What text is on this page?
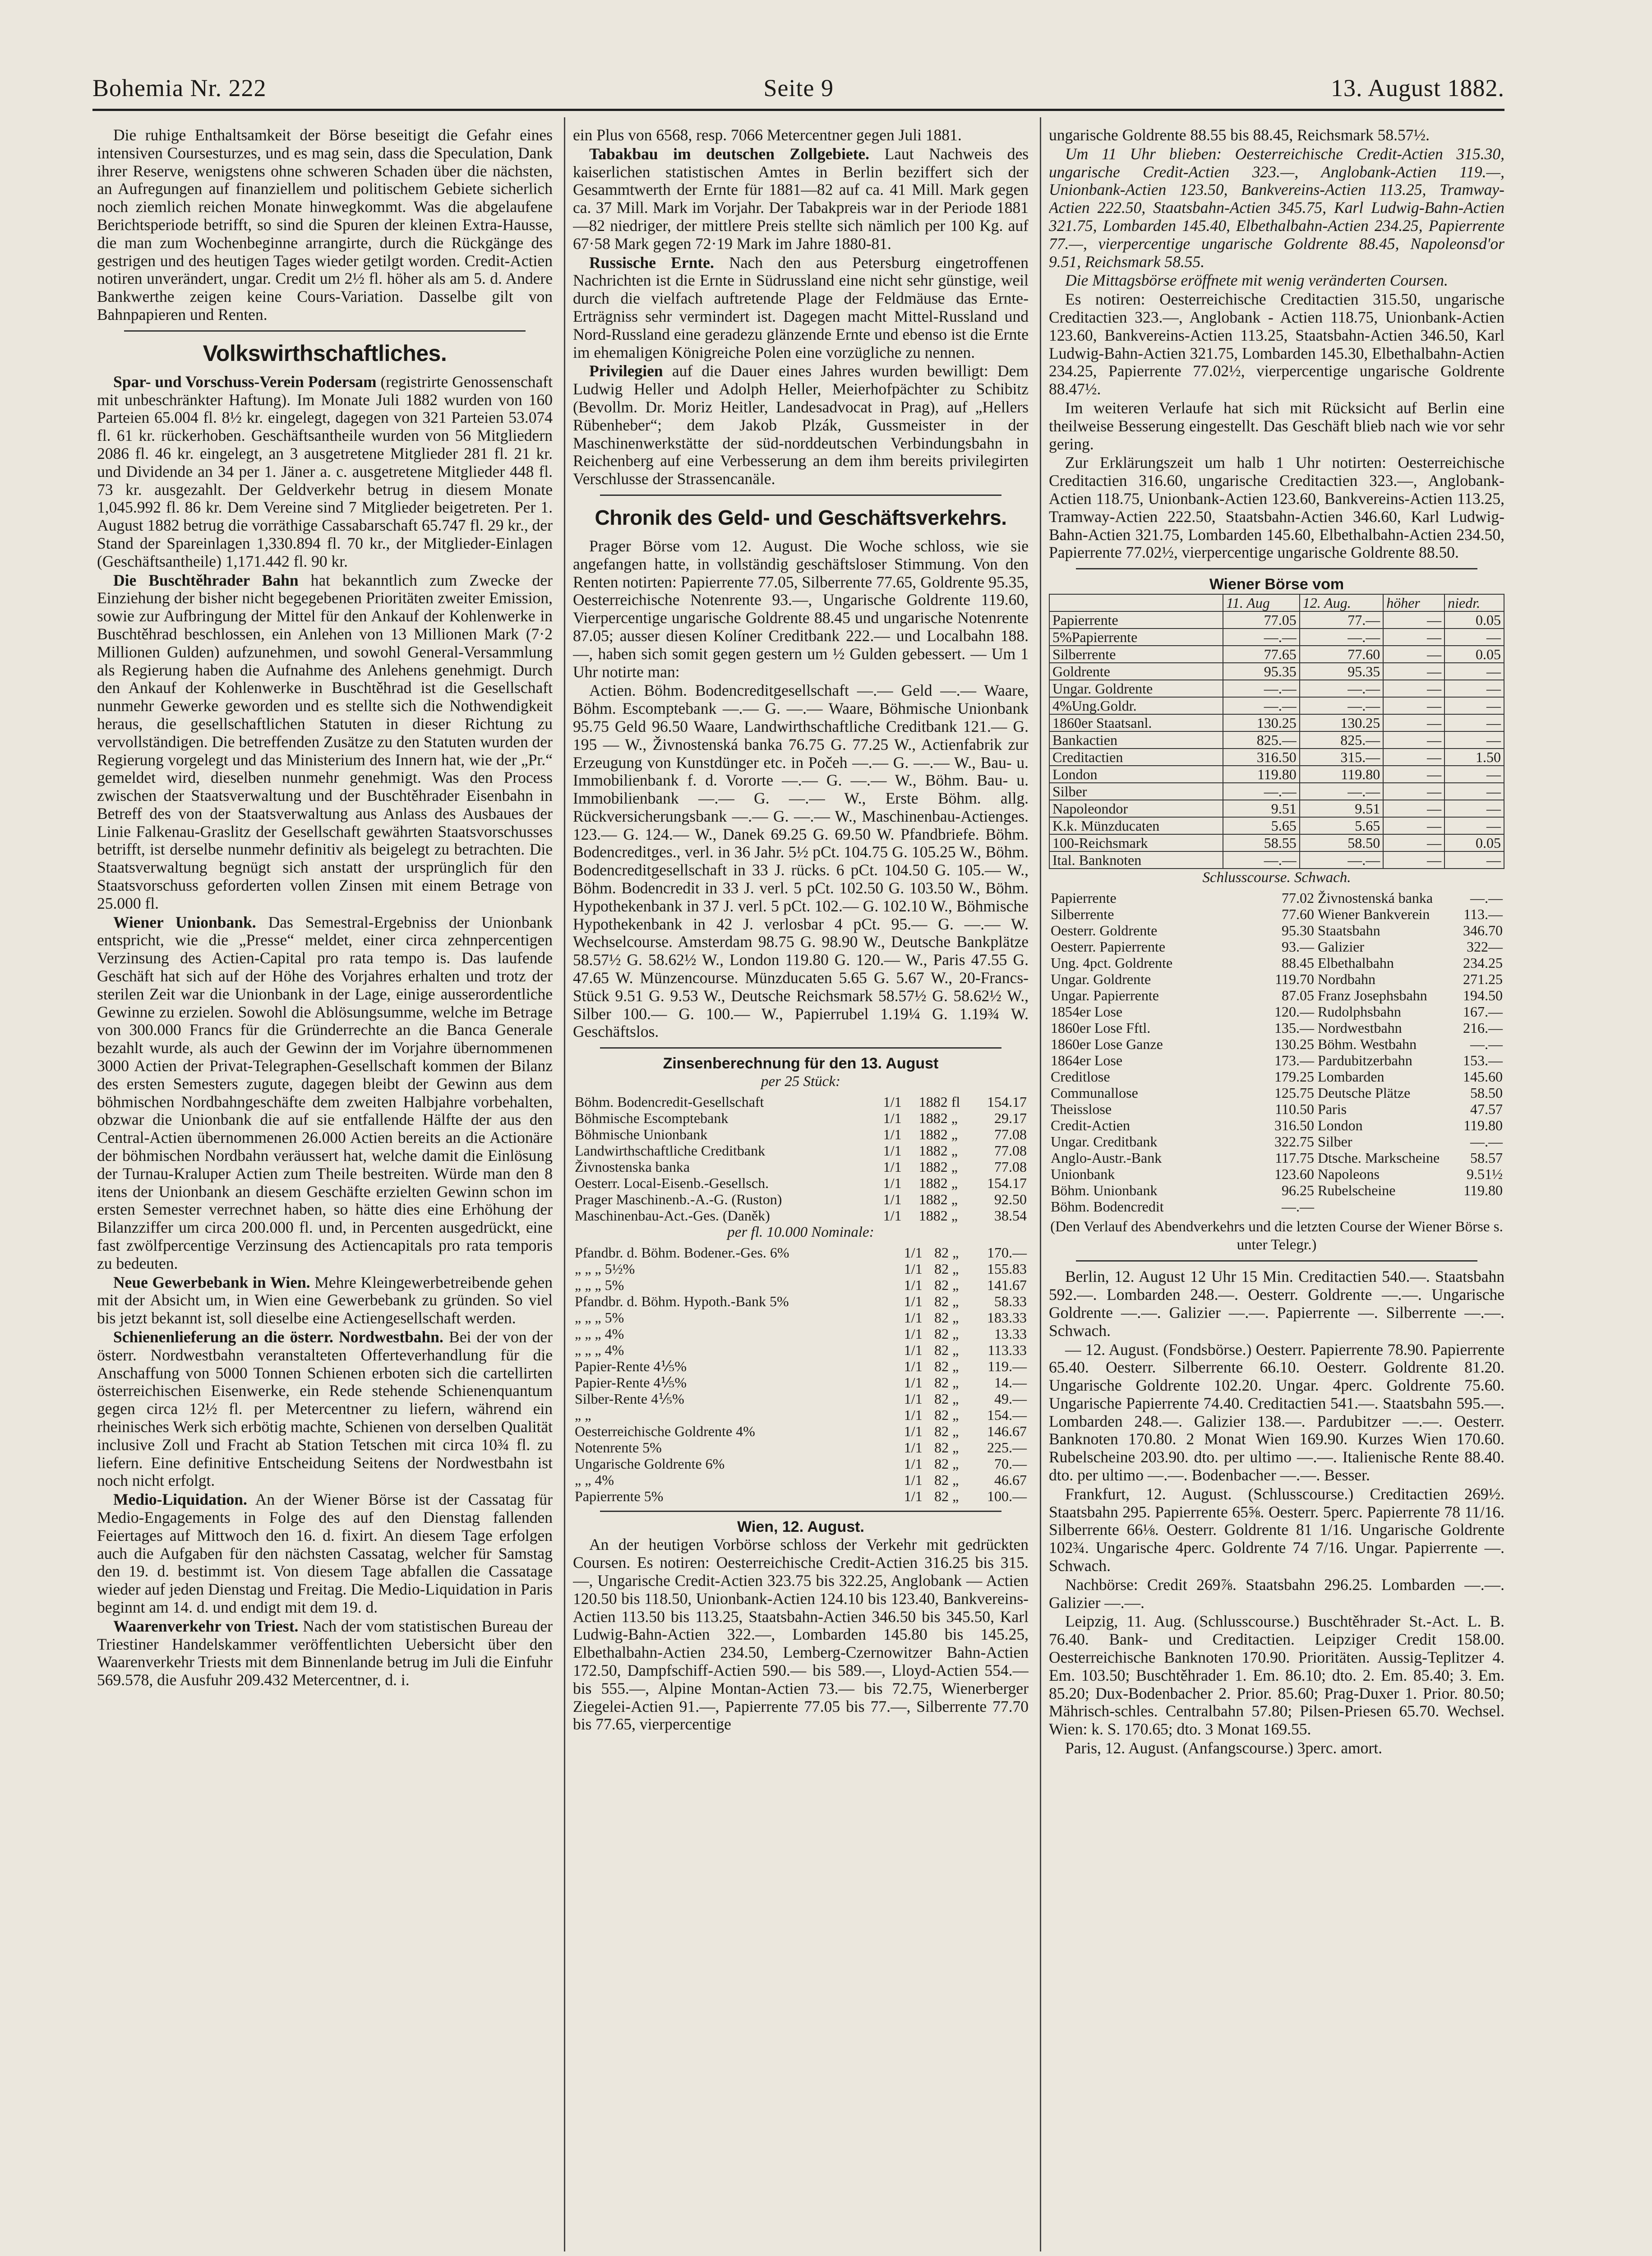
Bohemia Nr. 222	Seite 9	13. August 1882.

Die ruhige Enthaltsamkeit der Börse beseitigt die Gefahr eines intensiven Coursesturzes, und es mag sein, dass die Speculation, Dank ihrer Reserve, wenigstens ohne schweren Schaden über die nächsten, an Aufregungen auf finanziellem und politischem Gebiete sicherlich noch ziemlich reichen Monate hinwegkommt. Was die abgelaufene Berichtsperiode betrifft, so sind die Spuren der kleinen Extra-Hausse, die man zum Wochenbeginne arrangirte, durch die Rückgänge des gestrigen und des heutigen Tages wieder getilgt worden. Credit-Actien notiren unverändert, ungar. Credit um 2½ fl. höher als am 5. d. Andere Bankwerthe zeigen keine Cours-Variation. Dasselbe gilt von Bahnpapieren und Renten.

Volkswirthschaftliches.

Spar- und Vorschuss-Verein Podersam (registrirte Genossenschaft mit unbeschränkter Haftung). Im Monate Juli 1882 wurden von 160 Parteien 65.004 fl. 8½ kr. eingelegt, dagegen von 321 Parteien 53.074 fl. 61 kr. rückerhoben. Geschäftsantheile wurden von 56 Mitgliedern 2086 fl. 46 kr. eingelegt, an 3 ausgetretene Mitglieder 281 fl. 21 kr. und Dividende an 34 per 1. Jäner a. c. ausgetretene Mitglieder 448 fl. 73 kr. ausgezahlt. Der Geldverkehr betrug in diesem Monate 1,045.992 fl. 86 kr. Dem Vereine sind 7 Mitglieder beigetreten. Per 1. August 1882 betrug die vorräthige Cassabarschaft 65.747 fl. 29 kr., der Stand der Spareinlagen 1,330.894 fl. 70 kr., der Mitglieder-Einlagen (Geschäftsantheile) 1,171.442 fl. 90 kr.

Die Buschtěhrader Bahn hat bekanntlich zum Zwecke der Einziehung der bisher nicht begegebenen Prioritäten zweiter Emission, sowie zur Aufbringung der Mittel für den Ankauf der Kohlenwerke in Buschtěhrad beschlossen, ein Anlehen von 13 Millionen Mark (7·2 Millionen Gulden) aufzunehmen, und sowohl General-Versammlung als Regierung haben die Aufnahme des Anlehens genehmigt. Durch den Ankauf der Kohlenwerke in Buschtěhrad ist die Gesellschaft nunmehr Gewerke geworden und es stellte sich die Nothwendigkeit heraus, die gesellschaftlichen Statuten in dieser Richtung zu vervollständigen. Die betreffenden Zusätze zu den Statuten wurden der Regierung vorgelegt und das Ministerium des Innern hat, wie der „Pr.“ gemeldet wird, dieselben nunmehr genehmigt. Was den Process zwischen der Staatsverwaltung und der Buschtěhrader Eisenbahn in Betreff des von der Staatsverwaltung aus Anlass des Ausbaues der Linie Falkenau-Graslitz der Gesellschaft gewährten Staatsvorschusses betrifft, ist derselbe nunmehr definitiv als beigelegt zu betrachten. Die Staatsverwaltung begnügt sich anstatt der ursprünglich für den Staatsvorschuss geforderten vollen Zinsen mit einem Betrage von 25.000 fl.

Wiener Unionbank. Das Semestral-Ergebniss der Unionbank entspricht, wie die „Presse“ meldet, einer circa zehnpercentigen Verzinsung des Actien-Capital pro rata tempo is. Das laufende Geschäft hat sich auf der Höhe des Vorjahres erhalten und trotz der sterilen Zeit war die Unionbank in der Lage, einige ausserordentliche Gewinne zu erzielen. Sowohl die Ablösungsumme, welche im Betrage von 300.000 Francs für die Gründerrechte an die Banca Generale bezahlt wurde, als auch der Gewinn der im Vorjahre übernommenen 3000 Actien der Privat-Telegraphen-Gesellschaft kommen der Bilanz des ersten Semesters zugute, dagegen bleibt der Gewinn aus dem böhmischen Nordbahngeschäfte dem zweiten Halbjahre vorbehalten, obzwar die Unionbank die auf sie entfallende Hälfte der aus den Central-Actien übernommenen 26.000 Actien bereits an die Actionäre der böhmischen Nordbahn veräussert hat, welche damit die Einlösung der Turnau-Kraluper Actien zum Theile bestreiten. Würde man den 8 itens der Unionbank an diesem Geschäfte erzielten Gewinn schon im ersten Semester verrechnet haben, so hätte dies eine Erhöhung der Bilanzziffer um circa 200.000 fl. und, in Percenten ausgedrückt, eine fast zwölfpercentige Verzinsung des Actiencapitals pro rata temporis zu bedeuten.

Neue Gewerbebank in Wien. Mehre Kleingewerbetreibende gehen mit der Absicht um, in Wien eine Gewerbebank zu gründen. So viel bis jetzt bekannt ist, soll dieselbe eine Actiengesellschaft werden.

Schienenlieferung an die österr. Nordwestbahn. Bei der von der österr. Nordwestbahn veranstalteten Offerteverhandlung für die Anschaffung von 5000 Tonnen Schienen erboten sich die cartellirten österreichischen Eisenwerke, ein Rede stehende Schienenquantum gegen circa 12½ fl. per Metercentner zu liefern, während ein rheinisches Werk sich erbötig machte, Schienen von derselben Qualität inclusive Zoll und Fracht ab Station Tetschen mit circa 10¾ fl. zu liefern. Eine definitive Entscheidung Seitens der Nordwestbahn ist noch nicht erfolgt.

Medio-Liquidation. An der Wiener Börse ist der Cassatag für Medio-Engagements in Folge des auf den Dienstag fallenden Feiertages auf Mittwoch den 16. d. fixirt. An diesem Tage erfolgen auch die Aufgaben für den nächsten Cassatag, welcher für Samstag den 19. d. bestimmt ist. Von diesem Tage abfallen die Cassatage wieder auf jeden Dienstag und Freitag. Die Medio-Liquidation in Paris beginnt am 14. d. und endigt mit dem 19. d.

Waarenverkehr von Triest. Nach der vom statistischen Bureau der Triestiner Handelskammer veröffentlichten Uebersicht über den Waarenverkehr Triests mit dem Binnenlande betrug im Juli die Einfuhr 569.578, die Ausfuhr 209.432 Metercentner, d. i.

ein Plus von 6568, resp. 7066 Metercentner gegen Juli 1881.

Tabakbau im deutschen Zollgebiete. Laut Nachweis des kaiserlichen statistischen Amtes in Berlin beziffert sich der Gesammtwerth der Ernte für 1881—82 auf ca. 41 Mill. Mark gegen ca. 37 Mill. Mark im Vorjahr. Der Tabakpreis war in der Periode 1881—82 niedriger, der mittlere Preis stellte sich nämlich per 100 Kg. auf 67·58 Mark gegen 72·19 Mark im Jahre 1880-81.

Russische Ernte. Nach den aus Petersburg eingetroffenen Nachrichten ist die Ernte in Südrussland eine nicht sehr günstige, weil durch die vielfach auftretende Plage der Feldmäuse das Ernte-Erträgniss sehr vermindert ist. Dagegen macht Mittel-Russland und Nord-Russland eine geradezu glänzende Ernte und ebenso ist die Ernte im ehemaligen Königreiche Polen eine vorzügliche zu nennen.

Privilegien auf die Dauer eines Jahres wurden bewilligt: Dem Ludwig Heller und Adolph Heller, Meierhofpächter zu Schibitz (Bevollm. Dr. Moriz Heitler, Landesadvocat in Prag), auf „Hellers Rübenheber“; dem Jakob Plzák, Gussmeister in der Maschinenwerkstätte der süd-norddeutschen Verbindungsbahn in Reichenberg auf eine Verbesserung an dem ihm bereits privilegirten Verschlusse der Strassencanäle.

Chronik des Geld- und Geschäftsverkehrs.

Prager Börse vom 12. August. Die Woche schloss, wie sie angefangen hatte, in vollständig geschäftsloser Stimmung. Von den Renten notirten: Papierrente 77.05, Silberrente 77.65, Goldrente 95.35, Oesterreichische Notenrente 93.—, Ungarische Goldrente 119.60, Vierpercentige ungarische Goldrente 88.45 und ungarische Notenrente 87.05; ausser diesen Kolíner Creditbank 222.— und Localbahn 188.—, haben sich somit gegen gestern um ½ Gulden gebessert. — Um 1 Uhr notirte man:

Actien. Böhm. Bodencreditgesellschaft —.— Geld —.— Waare, Böhm. Escomptebank —.— G. —.— Waare, Böhmische Unionbank 95.75 Geld 96.50 Waare, Landwirthschaftliche Creditbank 121.— G. 195 — W., Živnostenská banka 76.75 G. 77.25 W., Actienfabrik zur Erzeugung von Kunstdünger etc. in Počeh —.— G. —.— W., Bau- u. Immobilienbank f. d. Vororte —.— G. —.— W., Böhm. Bau- u. Immobilienbank —.— G. —.— W., Erste Böhm. allg. Rückversicherungsbank —.— G. —.— W., Maschinenbau-Actienges. 123.— G. 124.— W., Danek 69.25 G. 69.50 W. Pfandbriefe. Böhm. Bodencreditges., verl. in 36 Jahr. 5½ pCt. 104.75 G. 105.25 W., Böhm. Bodencreditgesellschaft in 33 J. rücks. 6 pCt. 104.50 G. 105.— W., Böhm. Bodencredit in 33 J. verl. 5 pCt. 102.50 G. 103.50 W., Böhm. Hypothekenbank in 37 J. verl. 5 pCt. 102.— G. 102.10 W., Böhmische Hypothekenbank in 42 J. verlosbar 4 pCt. 95.— G. —.— W. Wechselcourse. Amsterdam 98.75 G. 98.90 W., Deutsche Bankplätze 58.57½ G. 58.62½ W., London 119.80 G. 120.— W., Paris 47.55 G. 47.65 W. Münzencourse. Münzducaten 5.65 G. 5.67 W., 20-Francs-Stück 9.51 G. 9.53 W., Deutsche Reichsmark 58.57½ G. 58.62½ W., Silber 100.— G. 100.— W., Papierrubel 1.19¼ G. 1.19¾ W. Geschäftslos.

Zinsenberechnung für den 13. August
per 25 Stück:
Böhm. Bodencredit-Gesellschaft	1/1	1882	fl	154.17
Böhmische Escomptebank	1/1	1882	„	29.17
Böhmische Unionbank	1/1	1882	„	77.08
Landwirthschaftliche Creditbank	1/1	1882	„	77.08
Živnostenska banka	1/1	1882	„	77.08
Oesterr. Local-Eisenb.-Gesellsch.	1/1	1882	„	154.17
Prager Maschinenb.-A.-G. (Ruston)	1/1	1882	„	92.50
Maschinenbau-Act.-Ges. (Daněk)	1/1	1882	„	38.54
per fl. 10.000 Nominale:
Pfandbr. d. Böhm. Bodener.-Ges. 6%	1/1	82	„	170.—
„ „ „ 5½%	1/1	82	„	155.83
„ „ „ 5%	1/1	82	„	141.67
Pfandbr. d. Böhm. Hypoth.-Bank 5%	1/1	82	„	58.33
„ „ „ 5%	1/1	82	„	183.33
„ „ „ 4%	1/1	82	„	13.33
„ „ „ 4%	1/1	82	„	113.33
Papier-Rente 4⅕%	1/1	82	„	119.—
Papier-Rente 4⅕%	1/1	82	„	14.—
Silber-Rente 4⅕%	1/1	82	„	49.—
„ „	1/1	82	„	154.—
Oesterreichische Goldrente 4%	1/1	82	„	146.67
Notenrente 5%	1/1	82	„	225.—
Ungarische Goldrente 6%	1/1	82	„	70.—
„ „ 4%	1/1	82	„	46.67
Papierrente 5%	1/1	82	„	100.—
Wien, 12. August.

An der heutigen Vorbörse schloss der Verkehr mit gedrückten Coursen. Es notiren: Oesterreichische Credit-Actien 316.25 bis 315.—, Ungarische Credit-Actien 323.75 bis 322.25, Anglobank — Actien 120.50 bis 118.50, Unionbank-Actien 124.10 bis 123.40, Bankvereins-Actien 113.50 bis 113.25, Staatsbahn-Actien 346.50 bis 345.50, Karl Ludwig-Bahn-Actien 322.—, Lombarden 145.80 bis 145.25, Elbethalbahn-Actien 234.50, Lemberg-Czernowitzer Bahn-Actien 172.50, Dampfschiff-Actien 590.— bis 589.—, Lloyd-Actien 554.— bis 555.—, Alpine Montan-Actien 73.— bis 72.75, Wienerberger Ziegelei-Actien 91.—, Papierrente 77.05 bis 77.—, Silberrente 77.70 bis 77.65, vierpercentige

ungarische Goldrente 88.55 bis 88.45, Reichsmark 58.57½.

Um 11 Uhr blieben: Oesterreichische Credit-Actien 315.30, ungarische Credit-Actien 323.—, Anglobank-Actien 119.—, Unionbank-Actien 123.50, Bankvereins-Actien 113.25, Tramway-Actien 222.50, Staatsbahn-Actien 345.75, Karl Ludwig-Bahn-Actien 321.75, Lombarden 145.40, Elbethalbahn-Actien 234.25, Papierrente 77.—, vierpercentige ungarische Goldrente 88.45, Napoleonsd'or 9.51, Reichsmark 58.55.

Die Mittagsbörse eröffnete mit wenig veränderten Coursen.

Es notiren: Oesterreichische Creditactien 315.50, ungarische Creditactien 323.—, Anglobank - Actien 118.75, Unionbank-Actien 123.60, Bankvereins-Actien 113.25, Staatsbahn-Actien 346.50, Karl Ludwig-Bahn-Actien 321.75, Lombarden 145.30, Elbethalbahn-Actien 234.25, Papierrente 77.02½, vierpercentige ungarische Goldrente 88.47½.

Im weiteren Verlaufe hat sich mit Rücksicht auf Berlin eine theilweise Besserung eingestellt. Das Geschäft blieb nach wie vor sehr gering.

Zur Erklärungszeit um halb 1 Uhr notirten: Oesterreichische Creditactien 316.60, ungarische Creditactien 323.—, Anglobank-Actien 118.75, Unionbank-Actien 123.60, Bankvereins-Actien 113.25, Tramway-Actien 222.50, Staatsbahn-Actien 346.60, Karl Ludwig-Bahn-Actien 321.75, Lombarden 145.60, Elbethalbahn-Actien 234.50, Papierrente 77.02½, vierpercentige ungarische Goldrente 88.50.

Wiener Börse vom
	11. Aug	12. Aug.	höher	niedr.
Papierrente	77.05	77.—	—	0.05
5%Papierrente	—.—	—.—	—	—
Silberrente	77.65	77.60	—	0.05
Goldrente	95.35	95.35	—	—
Ungar. Goldrente	—.—	—.—	—	—
4%Ung.Goldr.	—.—	—.—	—	—
1860er Staatsanl.	130.25	130.25	—	—
Bankactien	825.—	825.—	—	—
Creditactien	316.50	315.—	—	1.50
London	119.80	119.80	—	—
Silber	—.—	—.—	—	—
Napoleondor	9.51	9.51	—	—
K.k. Münzducaten	5.65	5.65	—	—
100-Reichsmark	58.55	58.50	—	0.05
Ital. Banknoten	—.—	—.—	—	—
Schlusscourse. Schwach.
Papierrente	77.02	Živnostenská banka	—.—
Silberrente	77.60	Wiener Bankverein	113.—
Oesterr. Goldrente	95.30	Staatsbahn	346.70
Oesterr. Papierrente	93.—	Galizier	322—
Ung. 4pct. Goldrente	88.45	Elbethalbahn	234.25
Ungar. Goldrente	119.70	Nordbahn	271.25
Ungar. Papierrente	87.05	Franz Josephsbahn	194.50
1854er Lose	120.—	Rudolphsbahn	167.—
1860er Lose Fftl.	135.—	Nordwestbahn	216.—
1860er Lose Ganze	130.25	Böhm. Westbahn	—.—
1864er Lose	173.—	Pardubitzerbahn	153.—
Creditlose	179.25	Lombarden	145.60
Communallose	125.75	Deutsche Plätze	58.50
Theisslose	110.50	Paris	47.57
Credit-Actien	316.50	London	119.80
Ungar. Creditbank	322.75	Silber	—.—
Anglo-Austr.-Bank	117.75	Dtsche. Markscheine	58.57
Unionbank	123.60	Napoleons	9.51½
Böhm. Unionbank	96.25	Rubelscheine	119.80
Böhm. Bodencredit	—.—		
(Den Verlauf des Abendverkehrs und die letzten Course der Wiener Börse s. unter Telegr.)

Berlin, 12. August 12 Uhr 15 Min. Creditactien 540.—. Staatsbahn 592.—. Lombarden 248.—. Oesterr. Goldrente —.—. Ungarische Goldrente —.—. Galizier —.—. Papierrente —. Silberrente —.—. Schwach.

— 12. August. (Fondsbörse.) Oesterr. Papierrente 78.90. Papierrente 65.40. Oesterr. Silberrente 66.10. Oesterr. Goldrente 81.20. Ungarische Goldrente 102.20. Ungar. 4perc. Goldrente 75.60. Ungarische Papierrente 74.40. Creditactien 541.—. Staatsbahn 595.—. Lombarden 248.—. Galizier 138.—. Pardubitzer —.—. Oesterr. Banknoten 170.80. 2 Monat Wien 169.90. Kurzes Wien 170.60. Rubelscheine 203.90. dto. per ultimo —.—. Italienische Rente 88.40. dto. per ultimo —.—. Bodenbacher —.—. Besser.

Frankfurt, 12. August. (Schlusscourse.) Creditactien 269½. Staatsbahn 295. Papierrente 65⅝. Oesterr. 5perc. Papierrente 78 11/16. Silberrente 66⅛. Oesterr. Goldrente 81 1/16. Ungarische Goldrente 102¾. Ungarische 4perc. Goldrente 74 7/16. Ungar. Papierrente —. Schwach.

Nachbörse: Credit 269⅞. Staatsbahn 296.25. Lombarden —.—. Galizier —.—.

Leipzig, 11. Aug. (Schlusscourse.) Buschtěhrader St.-Act. L. B. 76.40. Bank- und Creditactien. Leipziger Credit 158.00. Oesterreichische Banknoten 170.90. Prioritäten. Aussig-Teplitzer 4. Em. 103.50; Buschtěhrader 1. Em. 86.10; dto. 2. Em. 85.40; 3. Em. 85.20; Dux-Bodenbacher 2. Prior. 85.60; Prag-Duxer 1. Prior. 80.50; Mährisch-schles. Centralbahn 57.80; Pilsen-Priesen 65.70. Wechsel. Wien: k. S. 170.65; dto. 3 Monat 169.55.

Paris, 12. August. (Anfangscourse.) 3perc. amort.
